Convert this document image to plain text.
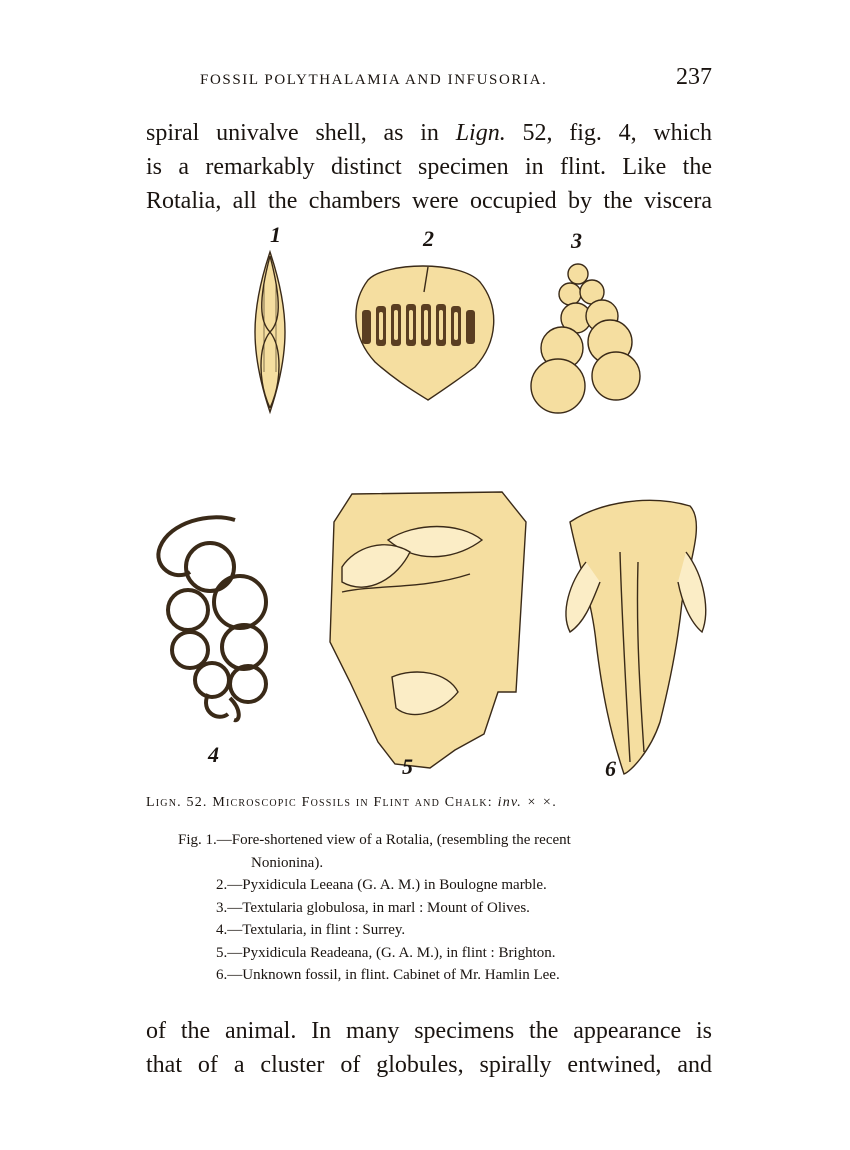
FOSSIL POLYTHALAMIA AND INFUSORIA.	237
spiral univalve shell, as in Lign. 52, fig. 4, which
is a remarkably distinct specimen in flint. Like the
Rotalia, all the chambers were occupied by the viscera
1	2	3
4	5	6
Lign. 52. Microscopic Fossils in Flint and Chalk: inv. × ×.
Fig. 1.—Fore-shortened view of a Rotalia, (resembling the recent
Nonionina).
2.—Pyxidicula Leeana (G. A. M.) in Boulogne marble.
3.—Textularia globulosa, in marl : Mount of Olives.
4.—Textularia, in flint : Surrey.
5.—Pyxidicula Readeana, (G. A. M.), in flint : Brighton.
6.—Unknown fossil, in flint. Cabinet of Mr. Hamlin Lee.
of the animal. In many specimens the appearance is
that of a cluster of globules, spirally entwined, and
